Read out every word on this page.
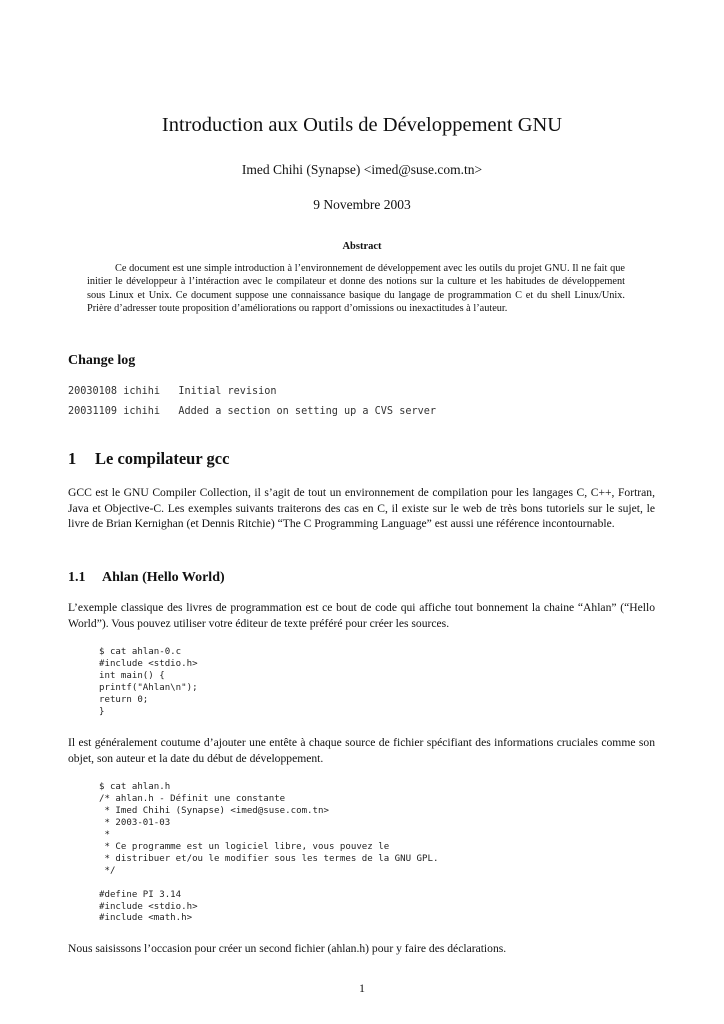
Introduction aux Outils de Développement GNU
Imed Chihi (Synapse) <imed@suse.com.tn>
9 Novembre 2003
Abstract
Ce document est une simple introduction à l’environnement de développement avec les outils du projet GNU. Il ne fait que initier le développeur à l’intéraction avec le compilateur et donne des notions sur la culture et les habitudes de développement sous Linux et Unix. Ce document suppose une connaissance basique du langage de programmation C et du shell Linux/Unix. Prière d’adresser toute proposition d’améliorations ou rapport d’omissions ou inexactitudes à l’auteur.
Change log
20030108 ichihi   Initial revision
20031109 ichihi   Added a section on setting up a CVS server
1 Le compilateur gcc
GCC est le GNU Compiler Collection, il s’agit de tout un environnement de compilation pour les langages C, C++, Fortran, Java et Objective-C. Les exemples suivants traiterons des cas en C, il existe sur le web de très bons tutoriels sur le sujet, le livre de Brian Kernighan (et Dennis Ritchie) “The C Programming Language” est aussi une référence incontournable.
1.1 Ahlan (Hello World)
L’exemple classique des livres de programmation est ce bout de code qui affiche tout bonnement la chaine “Ahlan” (“Hello World”). Vous pouvez utiliser votre éditeur de texte préféré pour créer les sources.
$ cat ahlan-0.c
#include <stdio.h>
int main() {
printf("Ahlan\n");
return 0;
}
Il est généralement coutume d’ajouter une entête à chaque source de fichier spécifiant des informations cruciales comme son objet, son auteur et la date du début de développement.
$ cat ahlan.h
/* ahlan.h - Définit une constante
* Imed Chihi (Synapse) <imed@suse.com.tn>
* 2003-01-03
*
* Ce programme est un logiciel libre, vous pouvez le
* distribuer et/ou le modifier sous les termes de la GNU GPL.
*/

#define PI 3.14
#include <stdio.h>
#include <math.h>
Nous saisissons l’occasion pour créer un second fichier (ahlan.h) pour y faire des déclarations.
1
